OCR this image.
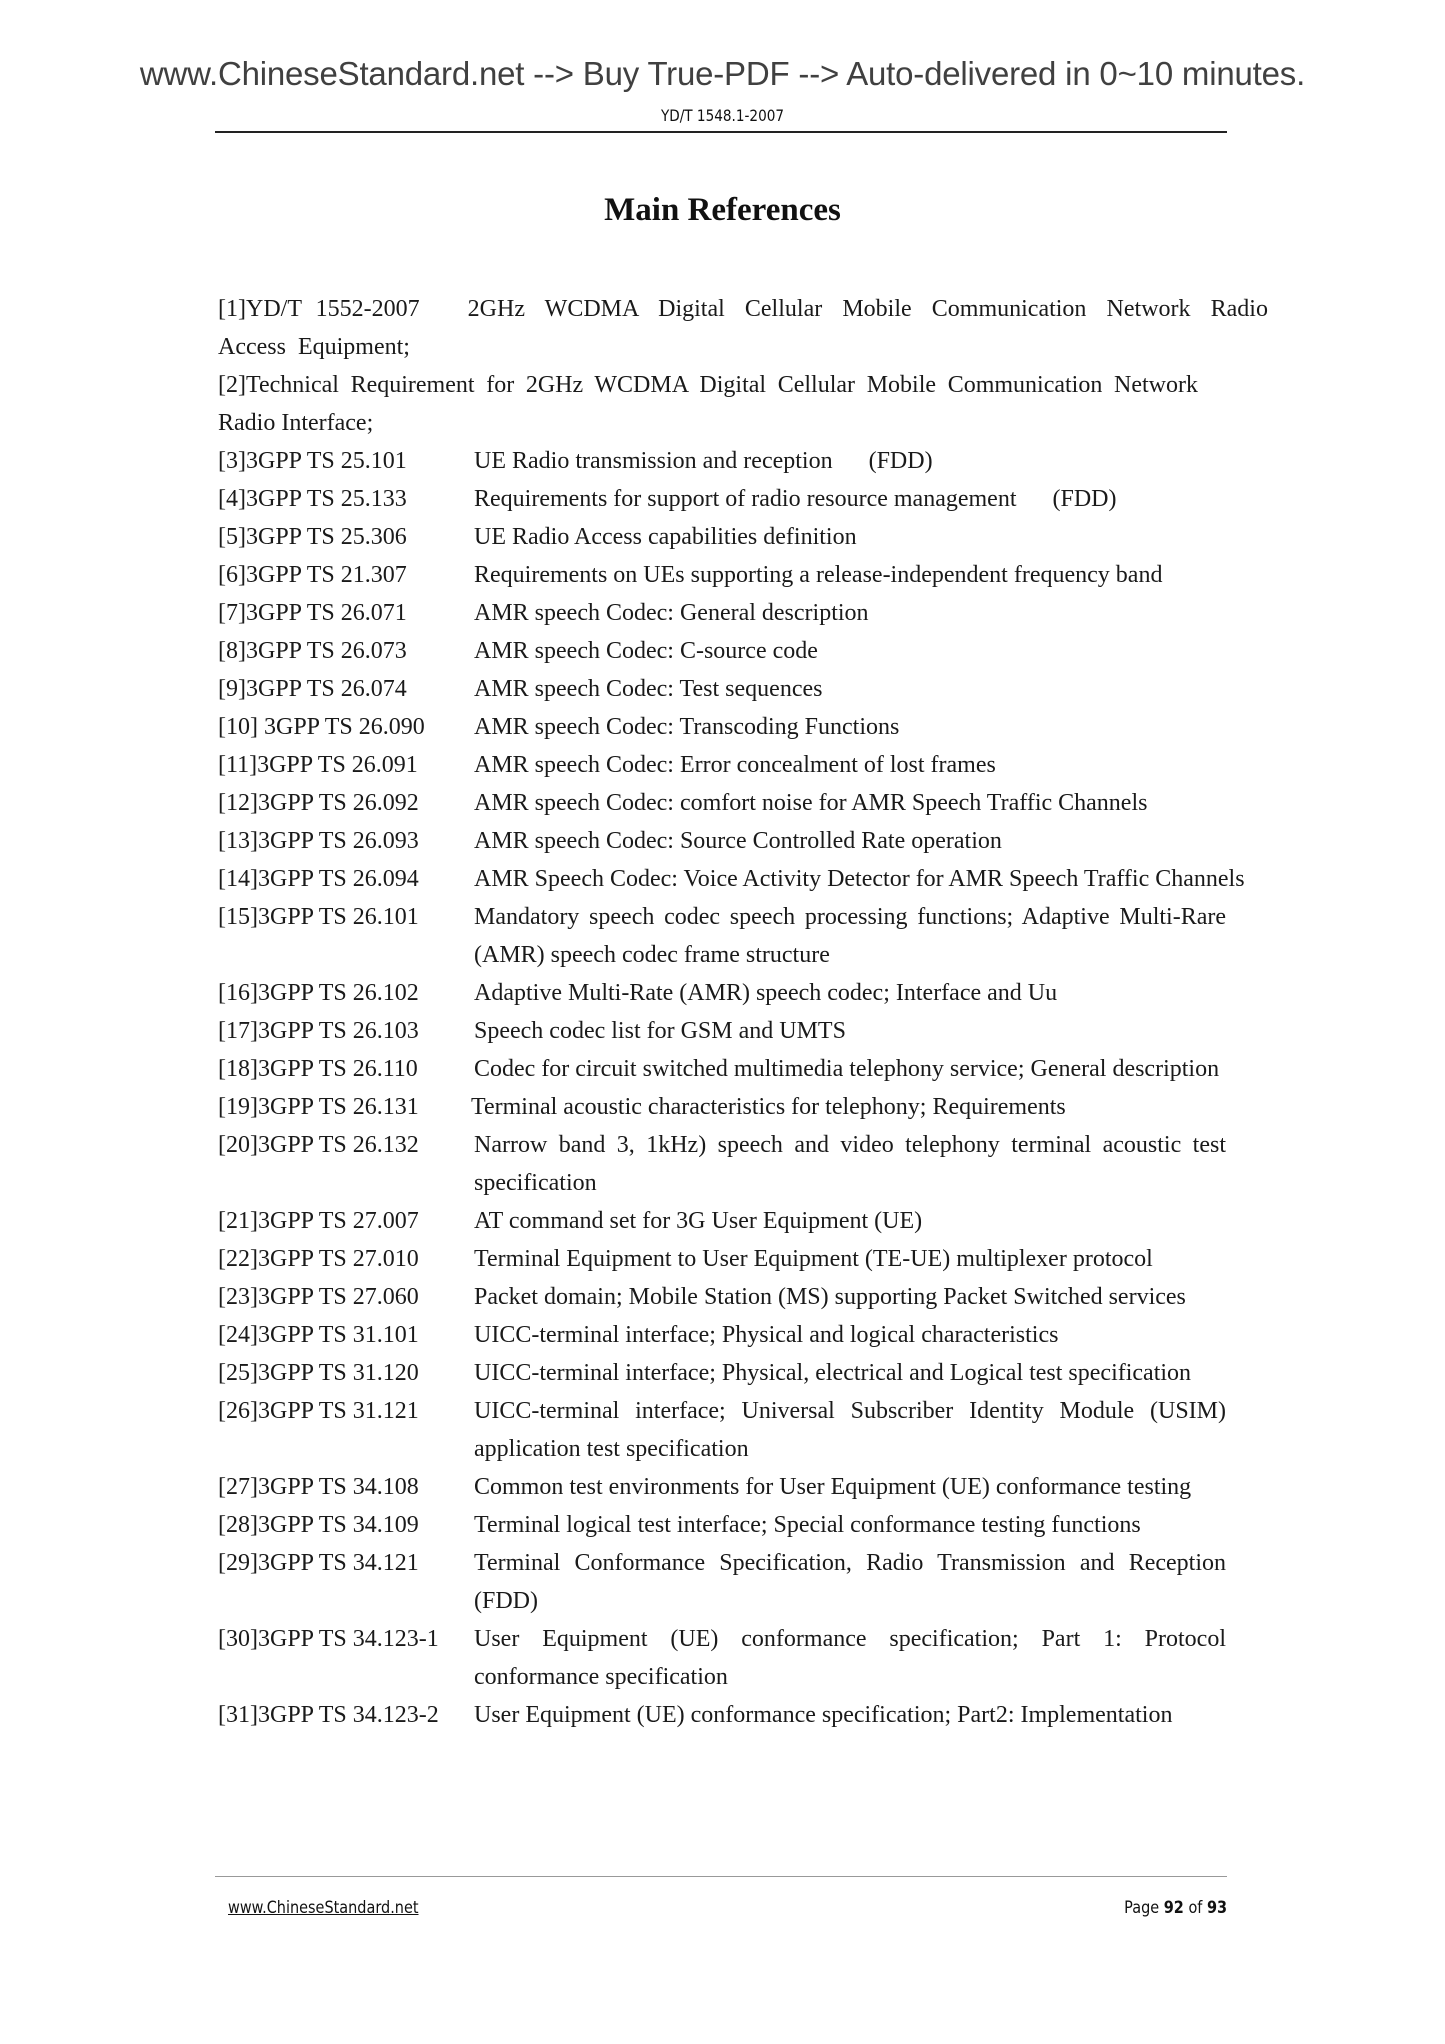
www.ChineseStandard.net --> Buy True-PDF --> Auto-delivered in 0~10 minutes.
YD/T 1548.1-2007
Main References
[1]YD/T 1552-2007 2GHz WCDMA Digital Cellular Mobile Communication Network Radio Access Equipment;
[2]Technical Requirement for 2GHz WCDMA Digital Cellular Mobile Communication Network Radio Interface;
[3]3GPP TS 25.101	UE Radio transmission and reception      (FDD)
[4]3GPP TS 25.133	Requirements for support of radio resource management      (FDD)
[5]3GPP TS 25.306	UE Radio Access capabilities definition
[6]3GPP TS 21.307	Requirements on UEs supporting a release-independent frequency band
[7]3GPP TS 26.071	AMR speech Codec: General description
[8]3GPP TS 26.073	AMR speech Codec: C-source code
[9]3GPP TS 26.074	AMR speech Codec: Test sequences
[10] 3GPP TS 26.090	AMR speech Codec: Transcoding Functions
[11]3GPP TS 26.091	AMR speech Codec: Error concealment of lost frames
[12]3GPP TS 26.092	AMR speech Codec: comfort noise for AMR Speech Traffic Channels
[13]3GPP TS 26.093	AMR speech Codec: Source Controlled Rate operation
[14]3GPP TS 26.094	AMR Speech Codec: Voice Activity Detector for AMR Speech Traffic Channels
[15]3GPP TS 26.101	Mandatory speech codec speech processing functions; Adaptive Multi-Rare (AMR) speech codec frame structure
[16]3GPP TS 26.102	Adaptive Multi-Rate (AMR) speech codec; Interface and Uu
[17]3GPP TS 26.103	Speech codec list for GSM and UMTS
[18]3GPP TS 26.110	Codec for circuit switched multimedia telephony service; General description
[19]3GPP TS 26.131	Terminal acoustic characteristics for telephony; Requirements
[20]3GPP TS 26.132	Narrow band 3, 1kHz) speech and video telephony terminal acoustic test specification
[21]3GPP TS 27.007	AT command set for 3G User Equipment (UE)
[22]3GPP TS 27.010	Terminal Equipment to User Equipment (TE-UE) multiplexer protocol
[23]3GPP TS 27.060	Packet domain; Mobile Station (MS) supporting Packet Switched services
[24]3GPP TS 31.101	UICC-terminal interface; Physical and logical characteristics
[25]3GPP TS 31.120	UICC-terminal interface; Physical, electrical and Logical test specification
[26]3GPP TS 31.121	UICC-terminal interface; Universal Subscriber Identity Module (USIM) application test specification
[27]3GPP TS 34.108	Common test environments for User Equipment (UE) conformance testing
[28]3GPP TS 34.109	Terminal logical test interface; Special conformance testing functions
[29]3GPP TS 34.121	Terminal Conformance Specification, Radio Transmission and Reception (FDD)
[30]3GPP TS 34.123-1	User Equipment (UE) conformance specification; Part 1: Protocol conformance specification
[31]3GPP TS 34.123-2	User Equipment (UE) conformance specification; Part2: Implementation
www.ChineseStandard.net	Page 92 of 93
